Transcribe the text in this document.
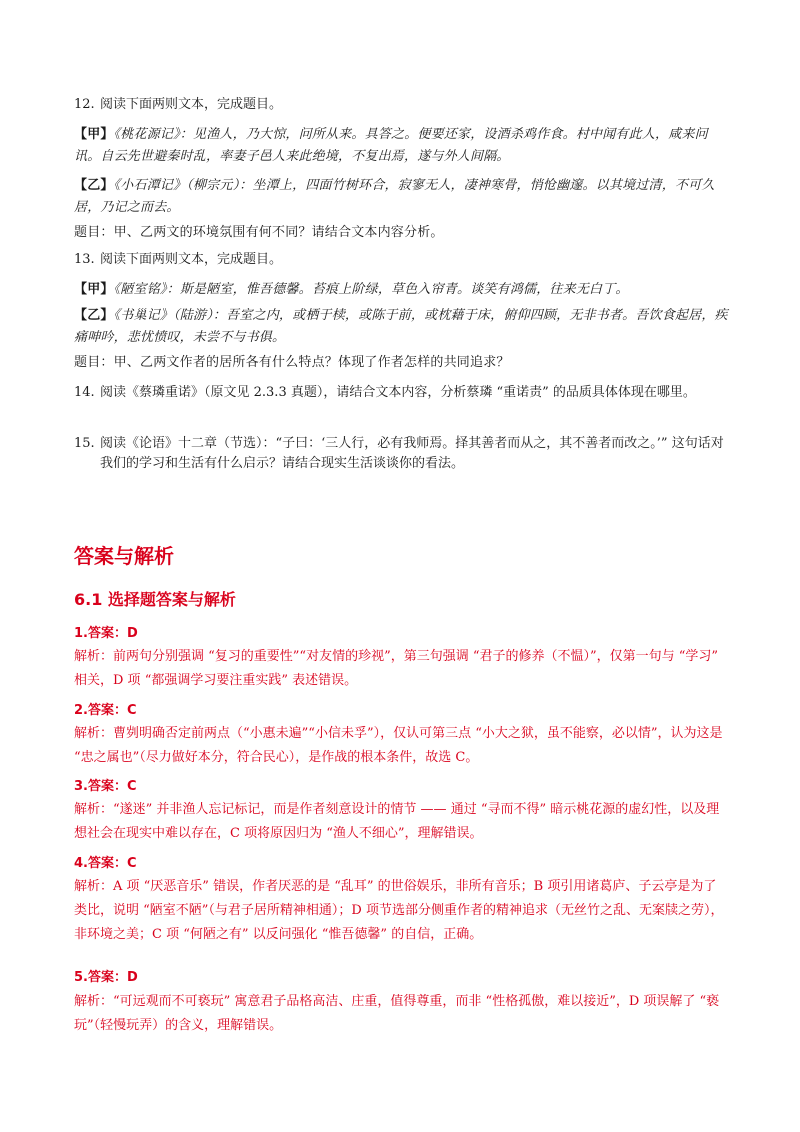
12. 阅读下面两则文本，完成题目。
【甲】《桃花源记》：见渔人，乃大惊，问所从来。具答之。便要还家，设酒杀鸡作食。村中闻有此人，咸来问讯。自云先世避秦时乱，率妻子邑人来此绝境，不复出焉，遂与外人间隔。
【乙】《小石潭记》（柳宗元）：坐潭上，四面竹树环合，寂寥无人，凄神寒骨，悄怆幽邃。以其境过清，不可久居，乃记之而去。
题目：甲、乙两文的环境氛围有何不同？请结合文本内容分析。
13. 阅读下面两则文本，完成题目。
【甲】《陋室铭》：斯是陋室，惟吾德馨。苔痕上阶绿，草色入帘青。谈笑有鸿儒，往来无白丁。
【乙】《书巢记》（陆游）：吾室之内，或栖于椟，或陈于前，或枕藉于床，俯仰四顾，无非书者。吾饮食起居，疾痛呻吟，悲忧愤叹，未尝不与书俱。
题目：甲、乙两文作者的居所各有什么特点？体现了作者怎样的共同追求？
14. 阅读《蔡璘重诺》（原文见 2.3.3 真题），请结合文本内容，分析蔡璘 “重诺责” 的品质具体体现在哪里。
15. 阅读《论语》十二章（节选）：“子曰：‘三人行，必有我师焉。择其善者而从之，其不善者而改之。’” 这句话对我们的学习和生活有什么启示？请结合现实生活谈谈你的看法。
答案与解析
6.1 选择题答案与解析
1.答案：D
解析：前两句分别强调 “复习的重要性”“对友情的珍视”，第三句强调 “君子的修养（不愠）”，仅第一句与 “学习” 相关，D 项 “都强调学习要注重实践” 表述错误。
2.答案：C
解析：曹刿明确否定前两点（“小惠未遍”“小信未孚”），仅认可第三点 “小大之狱，虽不能察，必以情”，认为这是 “忠之属也”（尽力做好本分，符合民心），是作战的根本条件，故选 C。
3.答案：C
解析：“遂迷” 并非渔人忘记标记，而是作者刻意设计的情节 —— 通过 “寻而不得” 暗示桃花源的虚幻性，以及理想社会在现实中难以存在，C 项将原因归为 “渔人不细心”，理解错误。
4.答案：C
解析：A 项 “厌恶音乐” 错误，作者厌恶的是 “乱耳” 的世俗娱乐，非所有音乐；B 项引用诸葛庐、子云亭是为了类比，说明 “陋室不陋”（与君子居所精神相通）；D 项节选部分侧重作者的精神追求（无丝竹之乱、无案牍之劳），非环境之美；C 项 “何陋之有” 以反问强化 “惟吾德馨” 的自信，正确。
5.答案：D
解析：“可远观而不可亵玩” 寓意君子品格高洁、庄重，值得尊重，而非 “性格孤傲，难以接近”，D 项误解了 “亵玩”（轻慢玩弄）的含义，理解错误。
